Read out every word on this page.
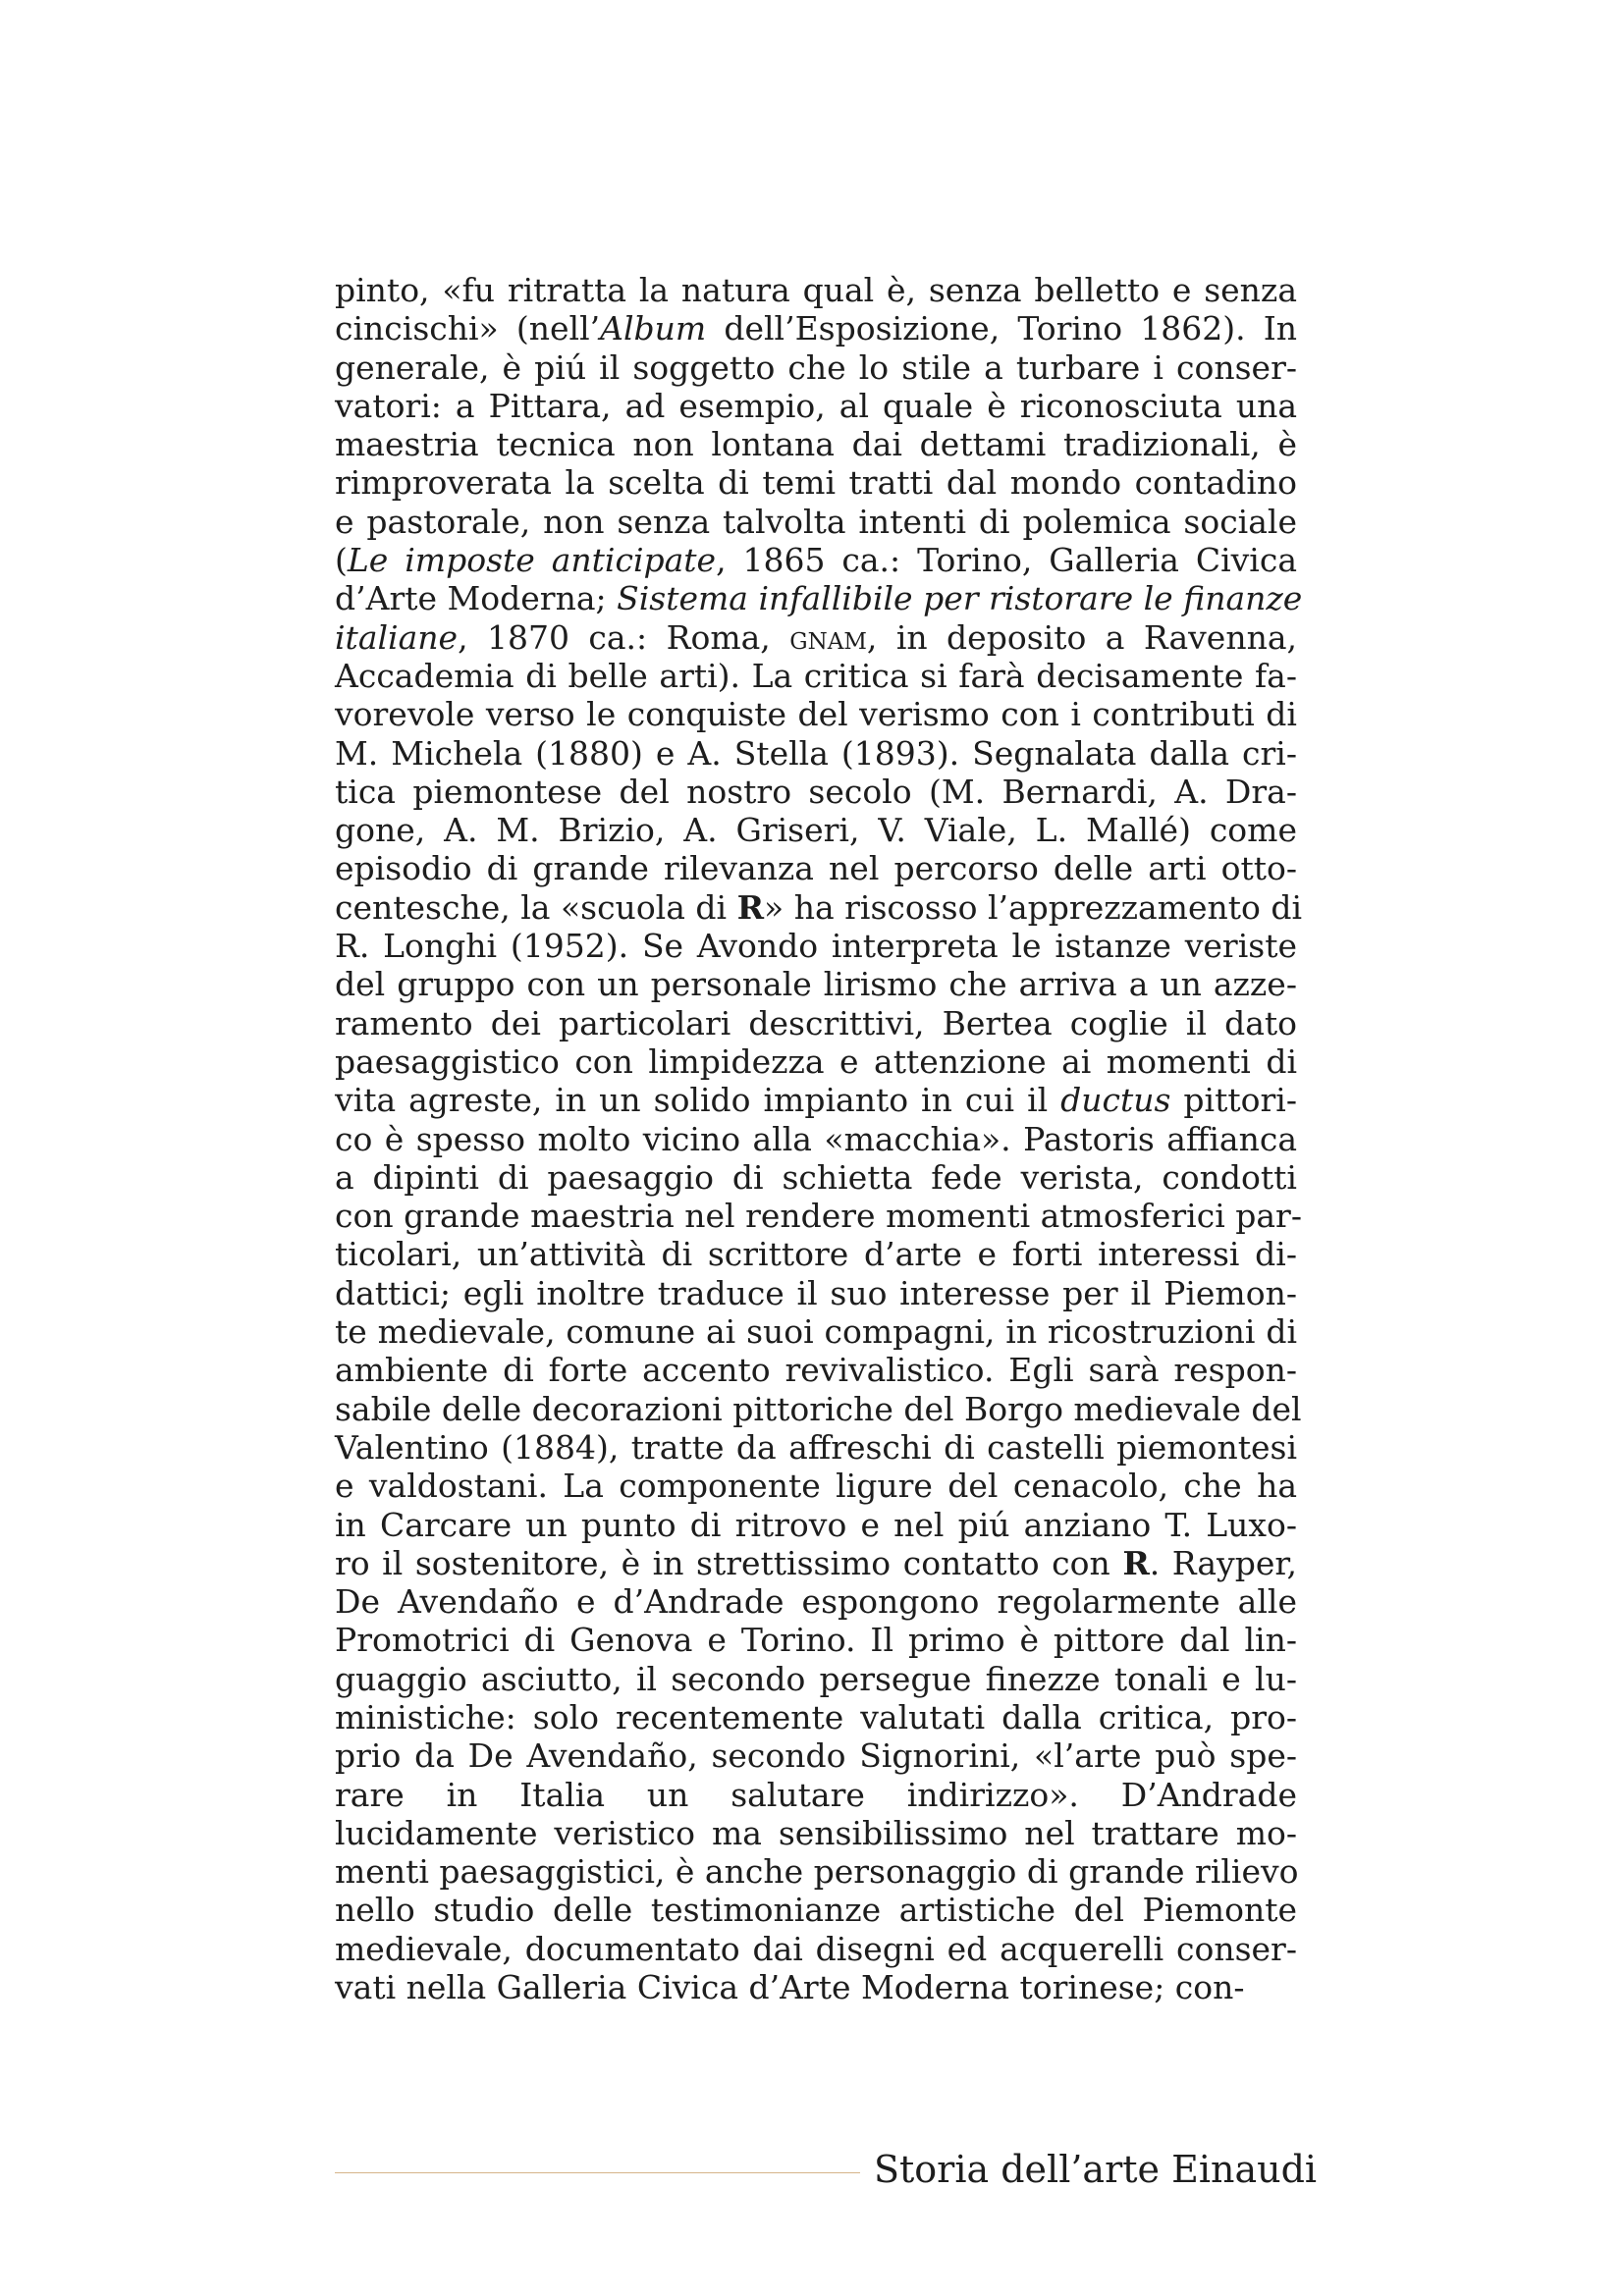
pinto, «fu ritratta la natura qual è, senza belletto e senza
cincischi» (nell’Album dell’Esposizione, Torino 1862). In
generale, è piú il soggetto che lo stile a turbare i conser-
vatori: a Pittara, ad esempio, al quale è riconosciuta una
maestria tecnica non lontana dai dettami tradizionali, è
rimproverata la scelta di temi tratti dal mondo contadino
e pastorale, non senza talvolta intenti di polemica sociale
(Le imposte anticipate, 1865 ca.: Torino, Galleria Civica
d’Arte Moderna; Sistema infallibile per ristorare le finanze
italiane, 1870 ca.: Roma, gnam, in deposito a Ravenna,
Accademia di belle arti). La critica si farà decisamente fa-
vorevole verso le conquiste del verismo con i contributi di
M. Michela (1880) e A. Stella (1893). Segnalata dalla cri-
tica piemontese del nostro secolo (M. Bernardi, A. Dra-
gone, A. M. Brizio, A. Griseri, V. Viale, L. Mallé) come
episodio di grande rilevanza nel percorso delle arti otto-
centesche, la «scuola di R» ha riscosso l’apprezzamento di
R. Longhi (1952). Se Avondo interpreta le istanze veriste
del gruppo con un personale lirismo che arriva a un azze-
ramento dei particolari descrittivi, Bertea coglie il dato
paesaggistico con limpidezza e attenzione ai momenti di
vita agreste, in un solido impianto in cui il ductus pittori-
co è spesso molto vicino alla «macchia». Pastoris affianca
a dipinti di paesaggio di schietta fede verista, condotti
con grande maestria nel rendere momenti atmosferici par-
ticolari, un’attività di scrittore d’arte e forti interessi di-
dattici; egli inoltre traduce il suo interesse per il Piemon-
te medievale, comune ai suoi compagni, in ricostruzioni di
ambiente di forte accento revivalistico. Egli sarà respon-
sabile delle decorazioni pittoriche del Borgo medievale del
Valentino (1884), tratte da affreschi di castelli piemontesi
e valdostani. La componente ligure del cenacolo, che ha
in Carcare un punto di ritrovo e nel piú anziano T. Luxo-
ro il sostenitore, è in strettissimo contatto con R. Rayper,
De Avendaño e d’Andrade espongono regolarmente alle
Promotrici di Genova e Torino. Il primo è pittore dal lin-
guaggio asciutto, il secondo persegue finezze tonali e lu-
ministiche: solo recentemente valutati dalla critica, pro-
prio da De Avendaño, secondo Signorini, «l’arte può spe-
rare in Italia un salutare indirizzo». D’Andrade
lucidamente veristico ma sensibilissimo nel trattare mo-
menti paesaggistici, è anche personaggio di grande rilievo
nello studio delle testimonianze artistiche del Piemonte
medievale, documentato dai disegni ed acquerelli conser-
vati nella Galleria Civica d’Arte Moderna torinese; con-
Storia dell’arte Einaudi
